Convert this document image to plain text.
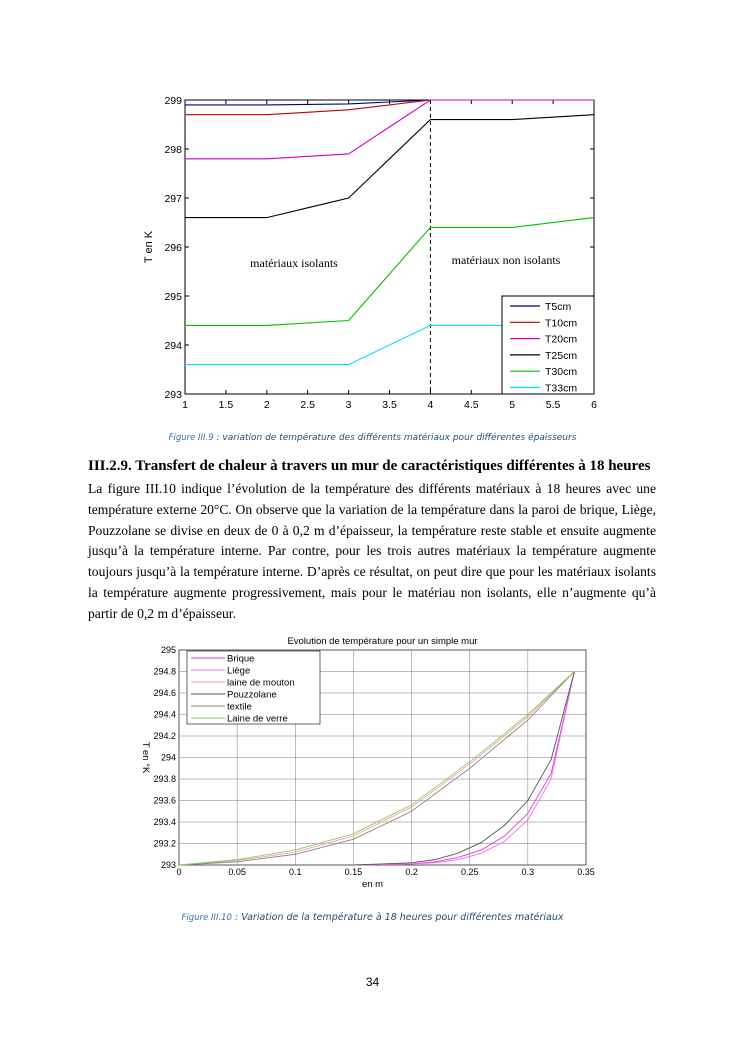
1	1.5	2	2.5	3	3.5	4	4.5	5	5.5	6
293
294
295
296
297
298
299
T en K	matériaux isolants	matériaux non isolants
T5cm
T10cm
T20cm
T25cm
T30cm
T33cm
Figure III.9 : variation de température des différents matériaux pour différentes épaisseurs
III.2.9. Transfert de chaleur à travers un mur de caractéristiques différentes à 18 heures

La figure III.10 indique l’évolution de la température des différents matériaux à 18 heures avec une température externe 20°C. On observe que la variation de la température dans la paroi de brique, Liège, Pouzzolane se divise en deux de 0 à 0,2 m d’épaisseur, la température reste stable et ensuite augmente jusqu’à la température interne. Par contre, pour les trois autres matériaux la température augmente toujours jusqu’à la température interne. D’après ce résultat, on peut dire que pour les matériaux isolants la température augmente progressivement, mais pour le matériau non isolants, elle n’augmente qu’à partir de 0,2 m d’épaisseur.

Evolution de température pour un simple mur
0	0.05	0.1	0.15	0.2	0.25	0.3	0.35
293
293.2
293.4
293.6
293.8
294
294.2
294.4
294.6
294.8
295
en m
T en °K
Brique
Liège
laine de mouton
Pouzzolane
textile
Laine de verre
Figure III.10 : Variation de la température à 18 heures pour différentes matériaux
34
